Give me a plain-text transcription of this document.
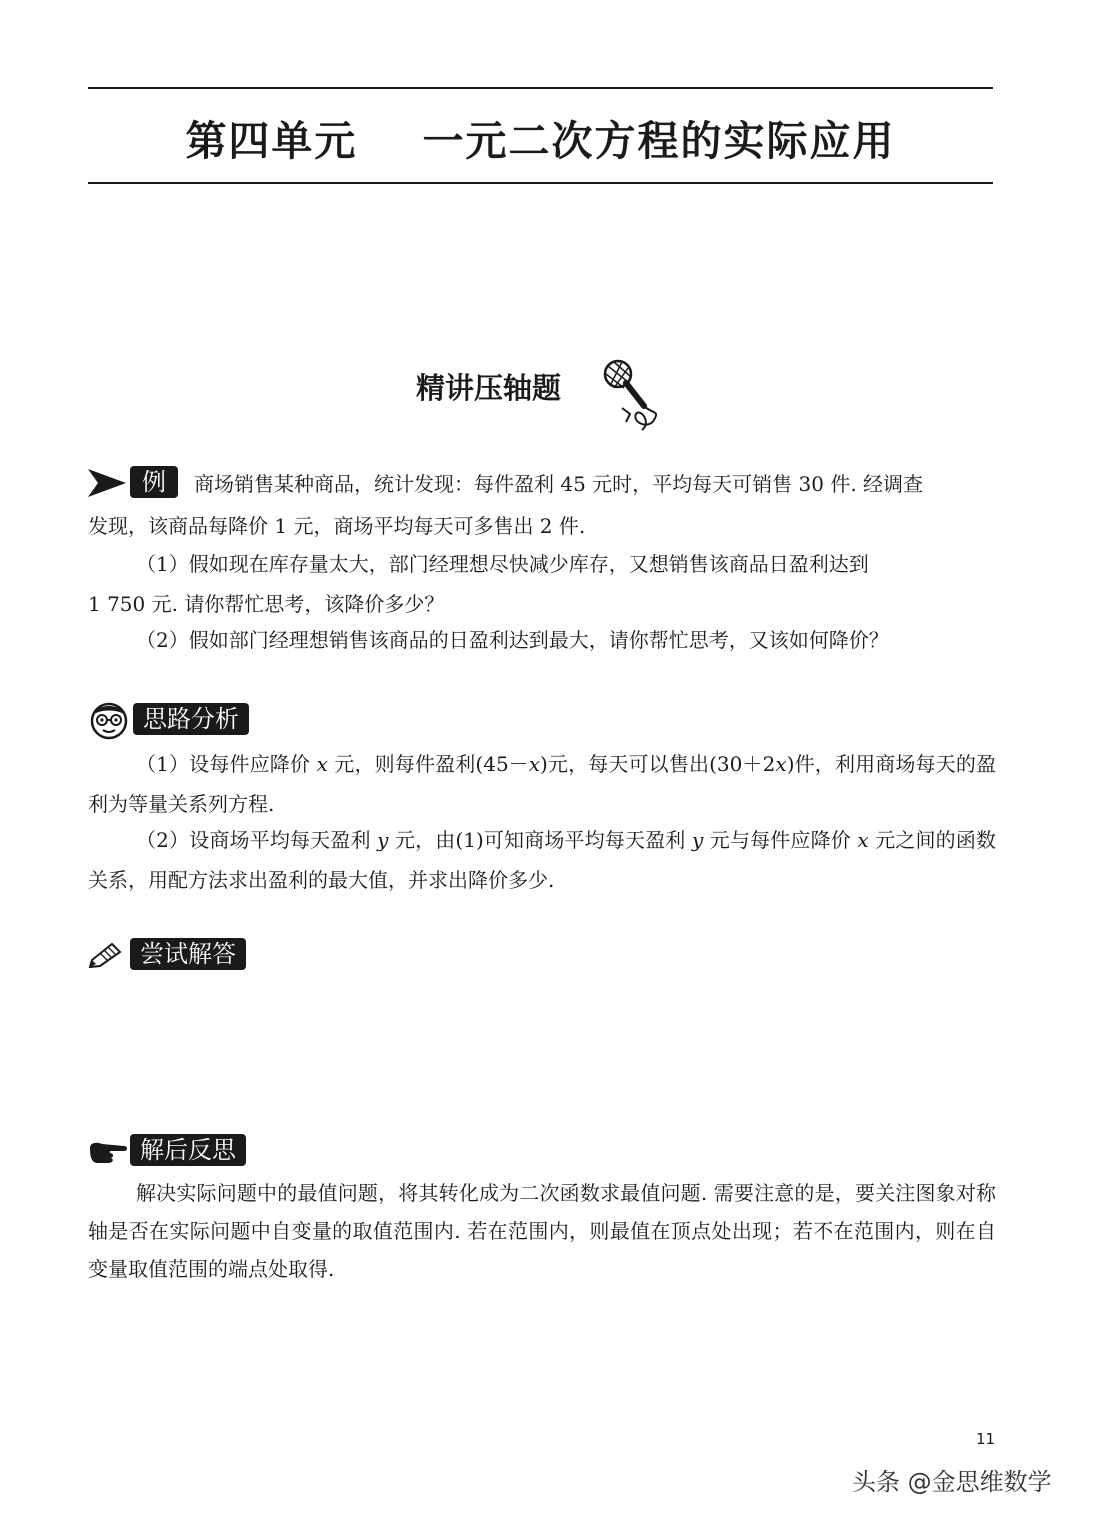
第四单元    一元二次方程的实际应用
精讲压轴题
例	商场销售某种商品，统计发现：每件盈利 45 元时，平均每天可销售 30 件. 经调查
发现，该商品每降价 1 元，商场平均每天可多售出 2 件.
（1）假如现在库存量太大，部门经理想尽快减少库存，又想销售该商品日盈利达到
1 750 元. 请你帮忙思考，该降价多少？
（2）假如部门经理想销售该商品的日盈利达到最大，请你帮忙思考，又该如何降价？
思路分析
（1）设每件应降价 x 元，则每件盈利(45－x)元，每天可以售出(30＋2x)件，利用商场每天的盈利为等量关系列方程.
（2）设商场平均每天盈利 y 元，由(1)可知商场平均每天盈利 y 元与每件应降价 x 元之间的函数关系，用配方法求出盈利的最大值，并求出降价多少.
尝试解答
解后反思
解决实际问题中的最值问题，将其转化成为二次函数求最值问题. 需要注意的是，要关注图象对称轴是否在实际问题中自变量的取值范围内. 若在范围内，则最值在顶点处出现；若不在范围内，则在自变量取值范围的端点处取得.
11
头条 @金思维数学
